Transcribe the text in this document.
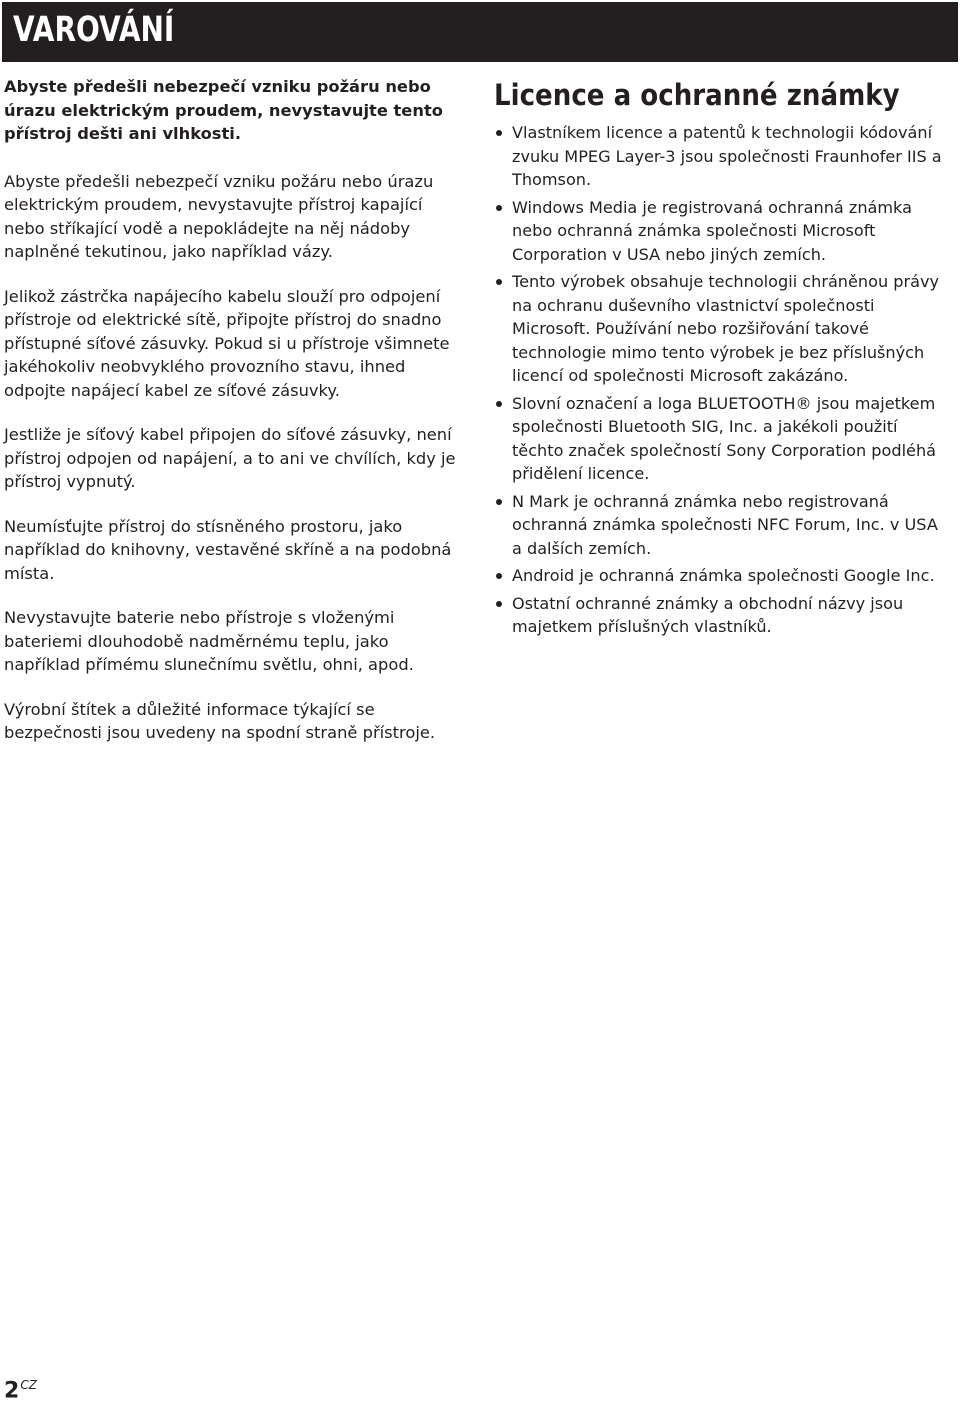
VAROVÁNÍ

Abyste předešli nebezpečí vzniku požáru nebo úrazu elektrickým proudem, nevystavujte tento přístroj dešti ani vlhkosti.

Abyste předešli nebezpečí vzniku požáru nebo úrazu elektrickým proudem, nevystavujte přístroj kapající nebo stříkající vodě a nepokládejte na něj nádoby naplněné tekutinou, jako například vázy.

Jelikož zástrčka napájecího kabelu slouží pro odpojení přístroje od elektrické sítě, připojte přístroj do snadno přístupné síťové zásuvky. Pokud si u přístroje všimnete jakéhokoliv neobvyklého provozního stavu, ihned odpojte napájecí kabel ze síťové zásuvky.

Jestliže je síťový kabel připojen do síťové zásuvky, není přístroj odpojen od napájení, a to ani ve chvílích, kdy je přístroj vypnutý.

Neumísťujte přístroj do stísněného prostoru, jako například do knihovny, vestavěné skříně a na podobná místa.

Nevystavujte baterie nebo přístroje s vloženými bateriemi dlouhodobě nadměrnému teplu, jako například přímému slunečnímu světlu, ohni, apod.

Výrobní štítek a důležité informace týkající se bezpečnosti jsou uvedeny na spodní straně přístroje.

Licence a ochranné známky
Vlastníkem licence a patentů k technologii kódování zvuku MPEG Layer-3 jsou společnosti Fraunhofer IIS a Thomson.
Windows Media je registrovaná ochranná známka nebo ochranná známka společnosti Microsoft Corporation v USA nebo jiných zemích.
Tento výrobek obsahuje technologii chráněnou právy na ochranu duševního vlastnictví společnosti Microsoft. Používání nebo rozšiřování takové technologie mimo tento výrobek je bez příslušných licencí od společnosti Microsoft zakázáno.
Slovní označení a loga BLUETOOTH® jsou majetkem společnosti Bluetooth SIG, Inc. a jakékoli použití těchto značek společností Sony Corporation podléhá přidělení licence.
N Mark je ochranná známka nebo registrovaná ochranná známka společnosti NFC Forum, Inc. v USA a dalších zemích.
Android je ochranná známka společnosti Google Inc.
Ostatní ochranné známky a obchodní názvy jsou majetkem příslušných vlastníků.
$2^{CZ}$
